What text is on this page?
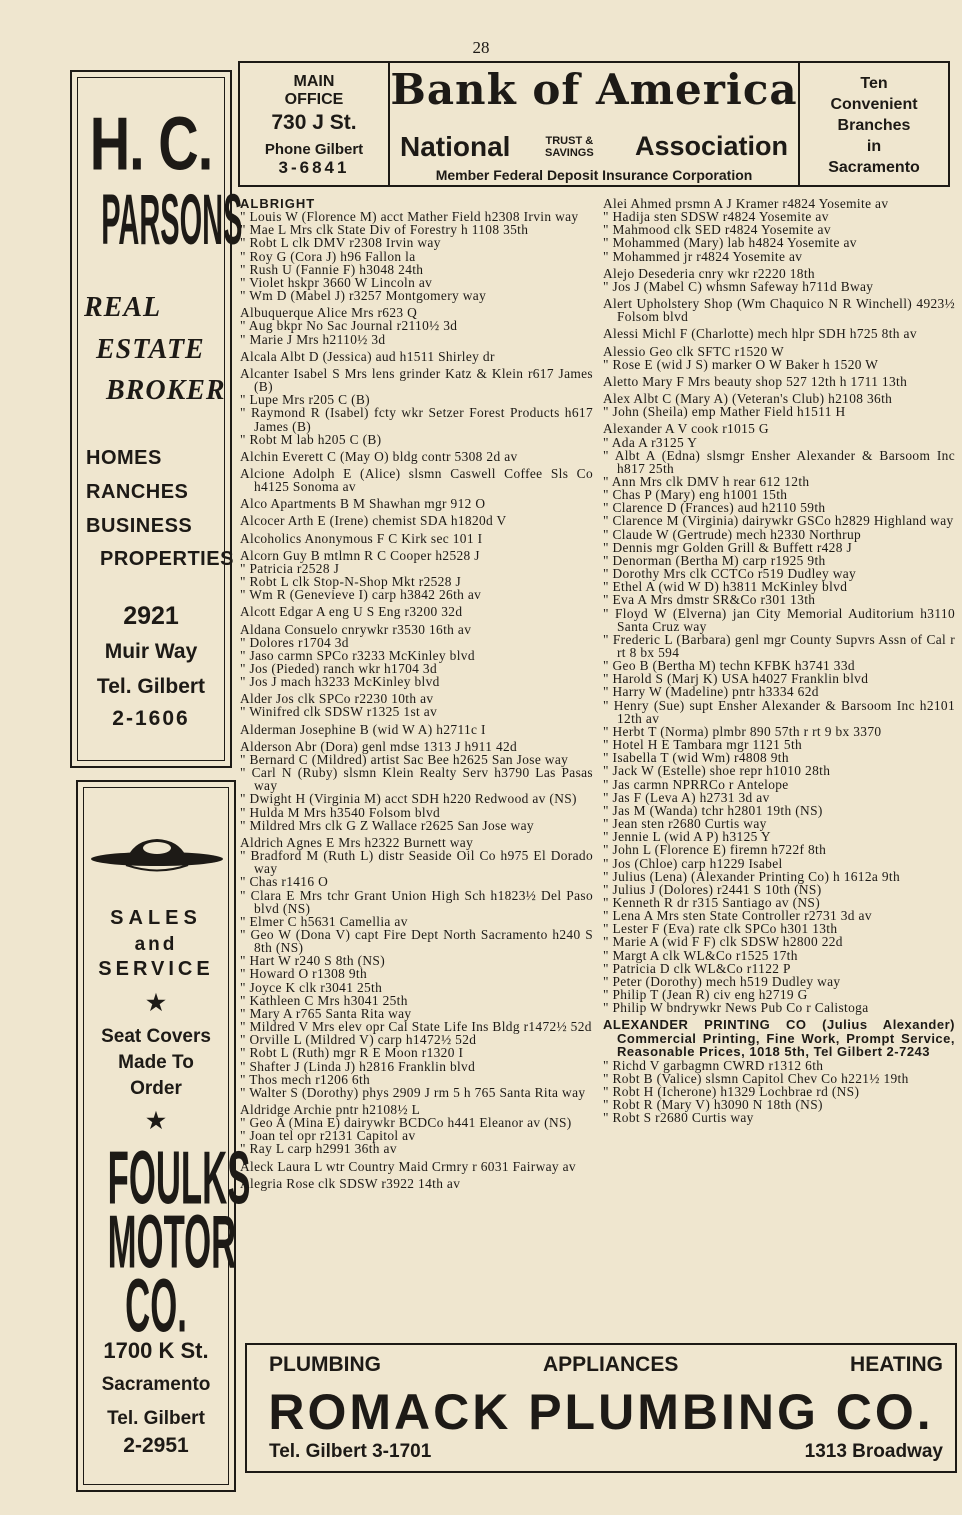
28
H. C.
PARSONS
REAL
ESTATE
BROKER
HOMES
RANCHES
BUSINESS
PROPERTIES
2921
Muir Way
Tel. Gilbert
2-1606
SALES
and
SERVICE
★
Seat Covers
Made To
Order
★
FOULKS
MOTOR
CO.
1700 K St.
Sacramento
Tel. Gilbert
2-2951
MAIN
OFFICE
730 J St.
Phone Gilbert
3-6841
Bank of America
National	TRUST &
SAVINGS Association
Member Federal Deposit Insurance Corporation
Ten
Convenient
Branches
in
Sacramento
ALBRIGHT
" Louis W (Florence M) acct Mather Field h2308 Irvin way
" Mae L Mrs clk State Div of Forestry h 1108 35th
" Robt L clk DMV r2308 Irvin way
" Roy G (Cora J) h96 Fallon la
" Rush U (Fannie F) h3048 24th
" Violet hskpr 3660 W Lincoln av
" Wm D (Mabel J) r3257 Montgomery way
Albuquerque Alice Mrs r623 Q
" Aug bkpr No Sac Journal r2110½ 3d
" Marie J Mrs h2110½ 3d
Alcala Albt D (Jessica) aud h1511 Shirley dr
Alcanter Isabel S Mrs lens grinder Katz & Klein r617 James (B)
" Lupe Mrs r205 C (B)
" Raymond R (Isabel) fcty wkr Setzer Forest Products h617 James (B)
" Robt M lab h205 C (B)
Alchin Everett C (May O) bldg contr 5308 2d av
Alcione Adolph E (Alice) slsmn Caswell Coffee Sls Co h4125 Sonoma av
Alco Apartments B M Shawhan mgr 912 O
Alcocer Arth E (Irene) chemist SDA h1820d V
Alcoholics Anonymous F C Kirk sec 101 I
Alcorn Guy B mtlmn R C Cooper h2528 J
" Patricia r2528 J
" Robt L clk Stop-N-Shop Mkt r2528 J
" Wm R (Genevieve I) carp h3842 26th av
Alcott Edgar A eng U S Eng r3200 32d
Aldana Consuelo cnrywkr r3530 16th av
" Dolores r1704 3d
" Jaso carmn SPCo r3233 McKinley blvd
" Jos (Pieded) ranch wkr h1704 3d
" Jos J mach h3233 McKinley blvd
Alder Jos clk SPCo r2230 10th av
" Winifred clk SDSW r1325 1st av
Alderman Josephine B (wid W A) h2711c I
Alderson Abr (Dora) genl mdse 1313 J h911 42d
" Bernard C (Mildred) artist Sac Bee h2625 San Jose way
" Carl N (Ruby) slsmn Klein Realty Serv h3790 Las Pasas way
" Dwight H (Virginia M) acct SDH h220 Redwood av (NS)
" Hulda M Mrs h3540 Folsom blvd
" Mildred Mrs clk G Z Wallace r2625 San Jose way
Aldrich Agnes E Mrs h2322 Burnett way
" Bradford M (Ruth L) distr Seaside Oil Co h975 El Dorado way
" Chas r1416 O
" Clara E Mrs tchr Grant Union High Sch h1823½ Del Paso blvd (NS)
" Elmer C h5631 Camellia av
" Geo W (Dona V) capt Fire Dept North Sacramento h240 S 8th (NS)
" Hart W r240 S 8th (NS)
" Howard O r1308 9th
" Joyce K clk r3041 25th
" Kathleen C Mrs h3041 25th
" Mary A r765 Santa Rita way
" Mildred V Mrs elev opr Cal State Life Ins Bldg r1472½ 52d
" Orville L (Mildred V) carp h1472½ 52d
" Robt L (Ruth) mgr R E Moon r1320 I
" Shafter J (Linda J) h2816 Franklin blvd
" Thos mech r1206 6th
" Walter S (Dorothy) phys 2909 J rm 5 h 765 Santa Rita way
Aldridge Archie pntr h2108½ L
" Geo A (Mina E) dairywkr BCDCo h441 Eleanor av (NS)
" Joan tel opr r2131 Capitol av
" Ray L carp h2991 36th av
Aleck Laura L wtr Country Maid Crmry r 6031 Fairway av
Alegria Rose clk SDSW r3922 14th av
Alei Ahmed prsmn A J Kramer r4824 Yosemite av
" Hadija sten SDSW r4824 Yosemite av
" Mahmood clk SED r4824 Yosemite av
" Mohammed (Mary) lab h4824 Yosemite av
" Mohammed jr r4824 Yosemite av
Alejo Desederia cnry wkr r2220 18th
" Jos J (Mabel C) whsmn Safeway h711d Bway
Alert Upholstery Shop (Wm Chaquico N R Winchell) 4923½ Folsom blvd
Alessi Michl F (Charlotte) mech hlpr SDH h725 8th av
Alessio Geo clk SFTC r1520 W
" Rose E (wid J S) marker O W Baker h 1520 W
Aletto Mary F Mrs beauty shop 527 12th h 1711 13th
Alex Albt C (Mary A) (Veteran's Club) h2108 36th
" John (Sheila) emp Mather Field h1511 H
Alexander A V cook r1015 G
" Ada A r3125 Y
" Albt A (Edna) slsmgr Ensher Alexander & Barsoom Inc h817 25th
" Ann Mrs clk DMV h rear 612 12th
" Chas P (Mary) eng h1001 15th
" Clarence D (Frances) aud h2110 59th
" Clarence M (Virginia) dairywkr GSCo h2829 Highland way
" Claude W (Gertrude) mech h2330 Northrup
" Dennis mgr Golden Grill & Buffett r428 J
" Denorman (Bertha M) carp r1925 9th
" Dorothy Mrs clk CCTCo r519 Dudley way
" Ethel A (wid W D) h3811 McKinley blvd
" Eva A Mrs dmstr SR&Co r301 13th
" Floyd W (Elverna) jan City Memorial Auditorium h3110 Santa Cruz way
" Frederic L (Barbara) genl mgr County Supvrs Assn of Cal r rt 8 bx 594
" Geo B (Bertha M) techn KFBK h3741 33d
" Harold S (Marj K) USA h4027 Franklin blvd
" Harry W (Madeline) pntr h3334 62d
" Henry (Sue) supt Ensher Alexander & Barsoom Inc h2101 12th av
" Herbt T (Norma) plmbr 890 57th r rt 9 bx 3370
" Hotel H E Tambara mgr 1121 5th
" Isabella T (wid Wm) r4808 9th
" Jack W (Estelle) shoe repr h1010 28th
" Jas carmn NPRRCo r Antelope
" Jas F (Leva A) h2731 3d av
" Jas M (Wanda) tchr h2801 19th (NS)
" Jean sten r2680 Curtis way
" Jennie L (wid A P) h3125 Y
" John L (Florence E) firemn h722f 8th
" Jos (Chloe) carp h1229 Isabel
" Julius (Lena) (Alexander Printing Co) h 1612a 9th
" Julius J (Dolores) r2441 S 10th (NS)
" Kenneth R dr r315 Santiago av (NS)
" Lena A Mrs sten State Controller r2731 3d av
" Lester F (Eva) rate clk SPCo h301 13th
" Marie A (wid F F) clk SDSW h2800 22d
" Margt A clk WL&Co r1525 17th
" Patricia D clk WL&Co r1122 P
" Peter (Dorothy) mech h519 Dudley way
" Philip T (Jean R) civ eng h2719 G
" Philip W bndrywkr News Pub Co r Calistoga
ALEXANDER PRINTING CO (Julius Alexander) Commercial Printing, Fine Work, Prompt Service, Reasonable Prices, 1018 5th, Tel Gilbert 2-7243
" Richd V garbagmn CWRD r1312 6th
" Robt B (Valice) slsmn Capitol Chev Co h221½ 19th
" Robt H (Icherone) h1329 Lochbrae rd (NS)
" Robt R (Mary V) h3090 N 18th (NS)
" Robt S r2680 Curtis way
PLUMBING	APPLIANCES	HEATING
ROMACK PLUMBING CO.
Tel. Gilbert 3-1701	1313 Broadway
